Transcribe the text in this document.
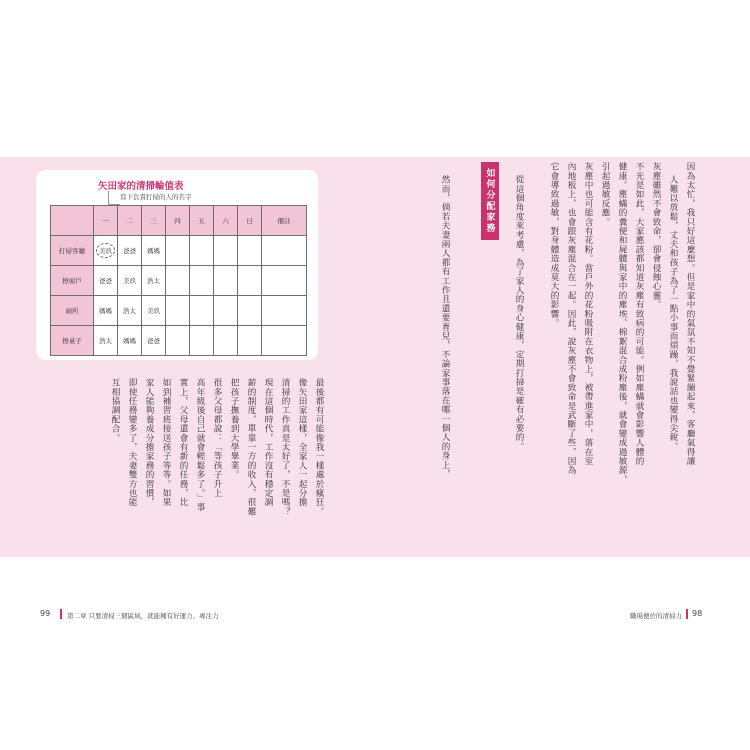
矢田家的清掃輪值表
寫下負責打掃的人的名字
	一	二	三	四	五	六	日	備註
打掃客廳	美玖	爸爸	媽媽					
擦窗戶	爸爸	美玖	浩太					
廁所	媽媽	浩太	美玖					
擦桌子	浩太	媽媽	爸爸					
最後都有可能像我一樣處於瘋狂。
像矢田家這樣，全家人一起分擔
清掃的工作真是太好了，不是嗎？
現在這個時代，工作沒有穩定調
薪的制度，單靠一方的收入，很難
把孩子撫養到大學畢業。
很多父母都說：「等孩子升上
高年級後自己就會輕鬆多了。」事
實上，父母還會有新的任務，比
如到補習班接送孩子等等。如果
家人能夠養成分擔家務的習慣，
即使任務變多了，夫妻雙方也能
互相協調配合。	因為太忙，我只好這麼想。但是家中的氣氛不知不覺緊繃起來，客廳氣得讓
人難以放鬆，丈夫和孩子為了一點小事而煩躁，我說話也變得尖銳。
灰塵雖然不會致命，卻會侵蝕心靈。
不光是如此，大家應該都知道灰塵有致病的可能。例如塵蟎就會影響人體的
健康。塵蟎的糞便和屍體與家中的塵埃、棉絮混合成粉塵後，就會變成過敏源，
引起過敏反應。
灰塵中也可能含有花粉。當戶外的花粉吸附在衣物上，被帶進家中，落在室
內地板上，也會跟灰塵混合在一起。因此，說灰塵不會致命是武斷了些，因為
它會導致過敏，對身體造成莫大的影響。
從這個角度來考慮，為了家人的身心健康，定期打掃是確有必要的。
如何分配家務
然而，倘若夫妻兩人都有工作且還要育兒，不論家事落在哪一個人的身上，
99	第二章 只要清掃三個區域，就能擁有好運力、專注力	職場便於的清掃力 98
